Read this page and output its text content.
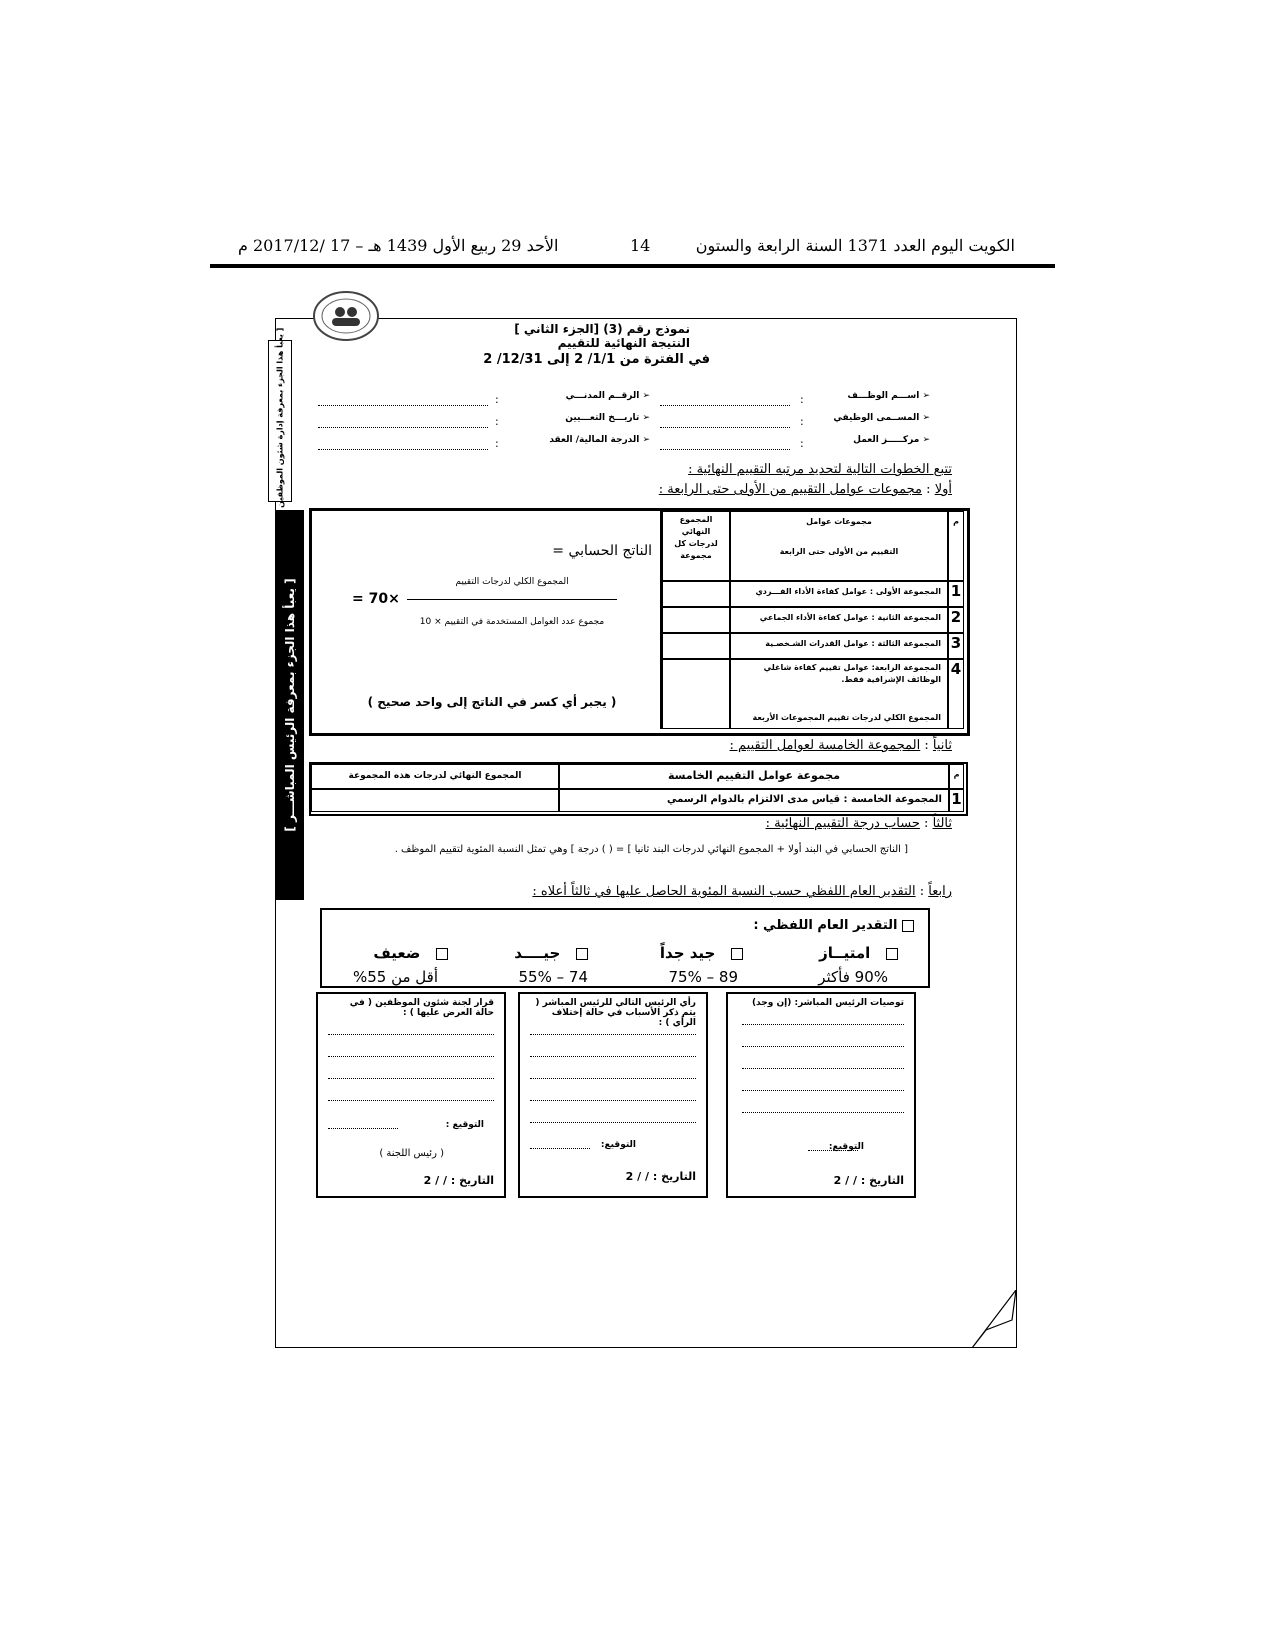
الأحد 29 ربيع الأول 1439 هـ – 17 /2017/12 م	14	الكويت اليوم العدد 1371 السنة الرابعة والستون
يعبأ هذا الجزء بمعرفة إدارة شئون الموظفين ]
[ يعبأ هذا الجزء بمعرفة الرئيس المباشـــر ]
نموذج رقم (3) [الجزء الثاني ]
النتيجة النهائية للتقييم
في الفترة من 1/1/ 2 إلى 12/31/ 2
➢ اســـم الوظـــف
➢ المســمى الوظيفي
➢ مركـــــز العمل
:
:
:
➢ الرقــم المدنـــي
➢ تاريـــخ التعـــيين
➢ الدرجة المالية/ العقد
:
:
:
تتبع الخطوات التالية لتحديد مرتبه التقييم النهائية :
أولا : مجموعات عوامل التقييم من الأولى حتى الرابعة :
م
مجموعات عوامل
التقييم من الأولى حتى الرابعة
المجموع النهائي لدرجات كل مجموعة
1
2
3
4
المجموعة الأولى : عوامل كفاءة الأداء الفـــردي
المجموعة الثانية : عوامل كفاءة الأداء الجماعي
المجموعة الثالثة : عوامل القدرات الشـخصـية
المجموعة الرابعة: عوامل تقييم كفاءة شاغلي الوظائف الإشرافية فقط.
المجموع الكلي لدرجات تقييم المجموعات الأربعة
الناتج الحسابي =
المجموع الكلي لدرجات التقييم
= 70×
مجموع عدد العوامل المستخدمة في التقييم × 10
( يجبر أي كسر في الناتج إلى واحد صحيح )
ثانياً : المجموعة الخامسة لعوامل التقييم :
م
مجموعة عوامل التقييم الخامسة
المجموع النهائي لدرجات هذه المجموعة
1
المجموعة الخامسة : قياس مدى الالتزام بالدوام الرسمي
ثالثاً : حساب درجة التقييم النهائية :
[ الناتج الحسابي في البند أولا + المجموع النهائي لدرجات البند ثانيا ] = ( ) درجة ] وهي تمثل النسبة المئوية لتقييم الموظف .
رابعاً : التقدير العام اللفظي حسب النسبة المئوية الحاصل عليها في ثالثاً أعلاه :
التقدير العام اللفظي :
امتيــاز
جيد جداً
جيــــد
ضعيف
90% فأكثر
89 – 75%
74 – 55%
أقل من 55%
توصيات الرئيس المباشر: (إن وجد)
التوقيع:
التاريخ : / / 2
رأي الرئيس التالي للرئيس المباشر ( يتم ذكر الأسباب في حالة إختلاف الرأي ) :
التوقيع:
التاريخ : / / 2
قرار لجنة شئون الموظفين ( في حالة العرض عليها ) :
التوقيع :
( رئيس اللجنة )
التاريخ : / / 2
